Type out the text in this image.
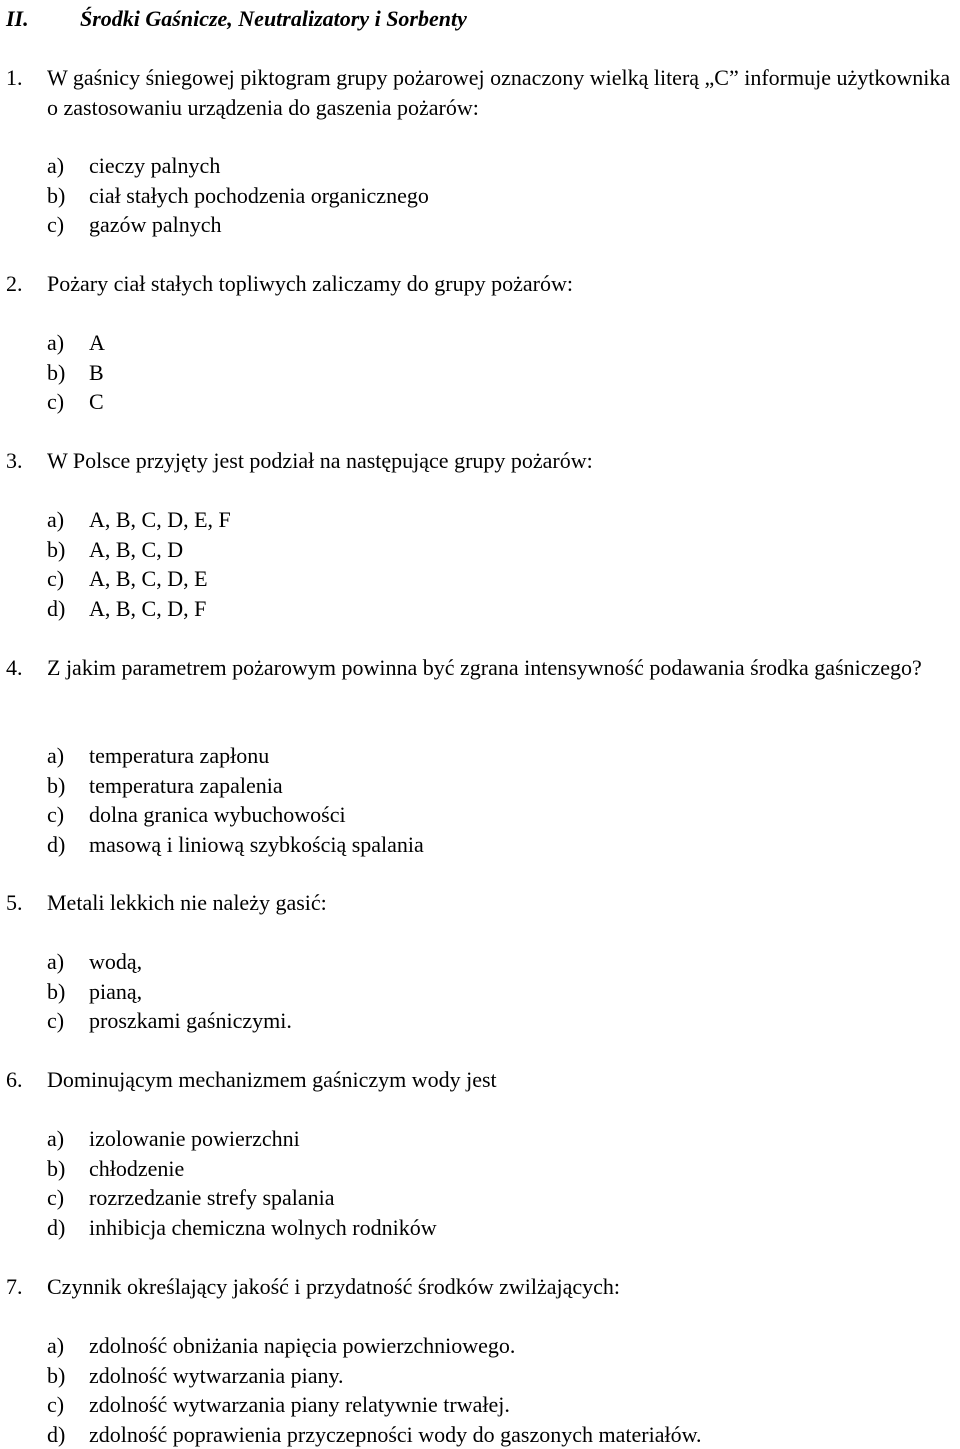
II. Środki Gaśnicze, Neutralizatory i Sorbenty
1. W gaśnicy śniegowej piktogram grupy pożarowej oznaczony wielką literą „C” informuje użytkownika o zastosowaniu urządzenia do gaszenia pożarów:
a) cieczy palnych
b) ciał stałych pochodzenia organicznego
c) gazów palnych
2. Pożary ciał stałych topliwych zaliczamy do grupy pożarów:
a) A
b) B
c) C
3. W Polsce przyjęty jest podział na następujące grupy pożarów:
a) A, B, C, D, E, F
b) A, B, C, D
c) A, B, C, D, E
d) A, B, C, D, F
4. Z jakim parametrem pożarowym powinna być zgrana intensywność podawania środka gaśniczego?
a) temperatura zapłonu
b) temperatura zapalenia
c) dolna granica wybuchowości
d) masową i liniową szybkością spalania
5. Metali lekkich nie należy gasić:
a) wodą,
b) pianą,
c) proszkami gaśniczymi.
6. Dominującym mechanizmem gaśniczym wody jest
a) izolowanie powierzchni
b) chłodzenie
c) rozrzedzanie strefy spalania
d) inhibicja chemiczna wolnych rodników
7. Czynnik określający jakość i przydatność środków zwilżających:
a) zdolność obniżania napięcia powierzchniowego.
b) zdolność wytwarzania piany.
c) zdolność wytwarzania piany relatywnie trwałej.
d) zdolność poprawienia przyczepności wody do gaszonych materiałów.
